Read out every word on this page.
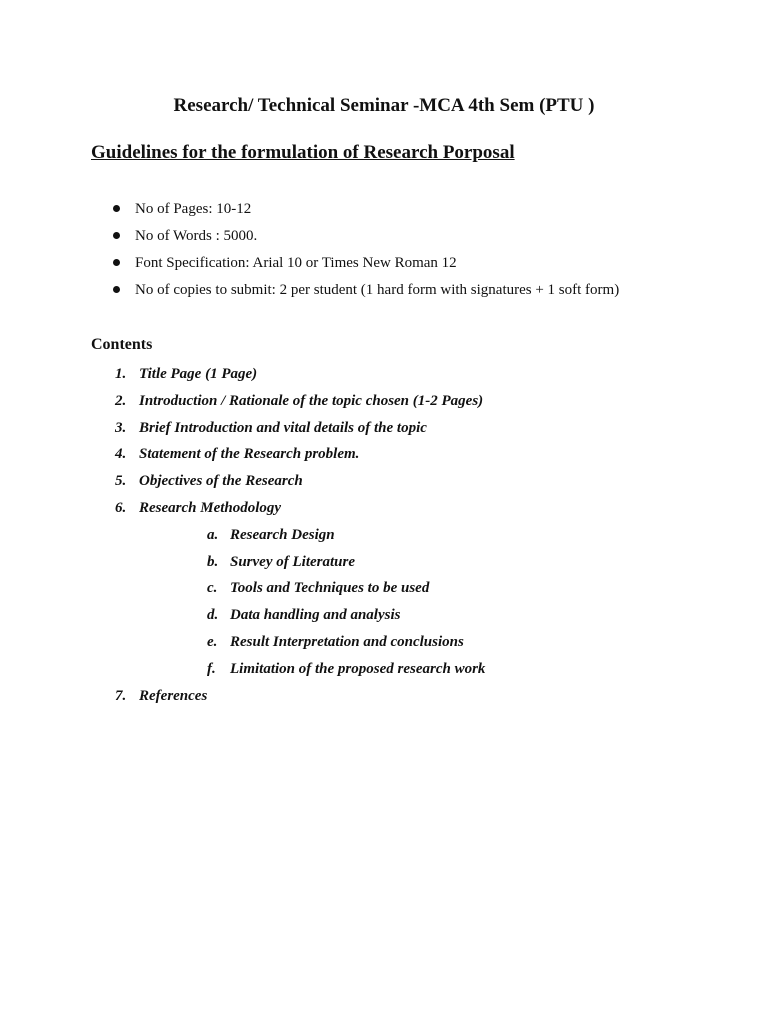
Research/ Technical Seminar -MCA 4th Sem (PTU )
Guidelines for the formulation of Research Porposal
No of Pages: 10-12
No of Words : 5000.
Font Specification: Arial 10 or Times New Roman 12
No of copies to submit: 2 per student (1 hard form with signatures + 1 soft form)
Contents
1. Title Page (1 Page)
2. Introduction / Rationale of the topic chosen (1-2 Pages)
3. Brief Introduction and vital details of the topic
4. Statement of the Research problem.
5. Objectives of the Research
6. Research Methodology
a. Research Design
b. Survey of Literature
c. Tools and Techniques to be used
d. Data handling and analysis
e. Result Interpretation and conclusions
f. Limitation of the proposed research work
7. References
